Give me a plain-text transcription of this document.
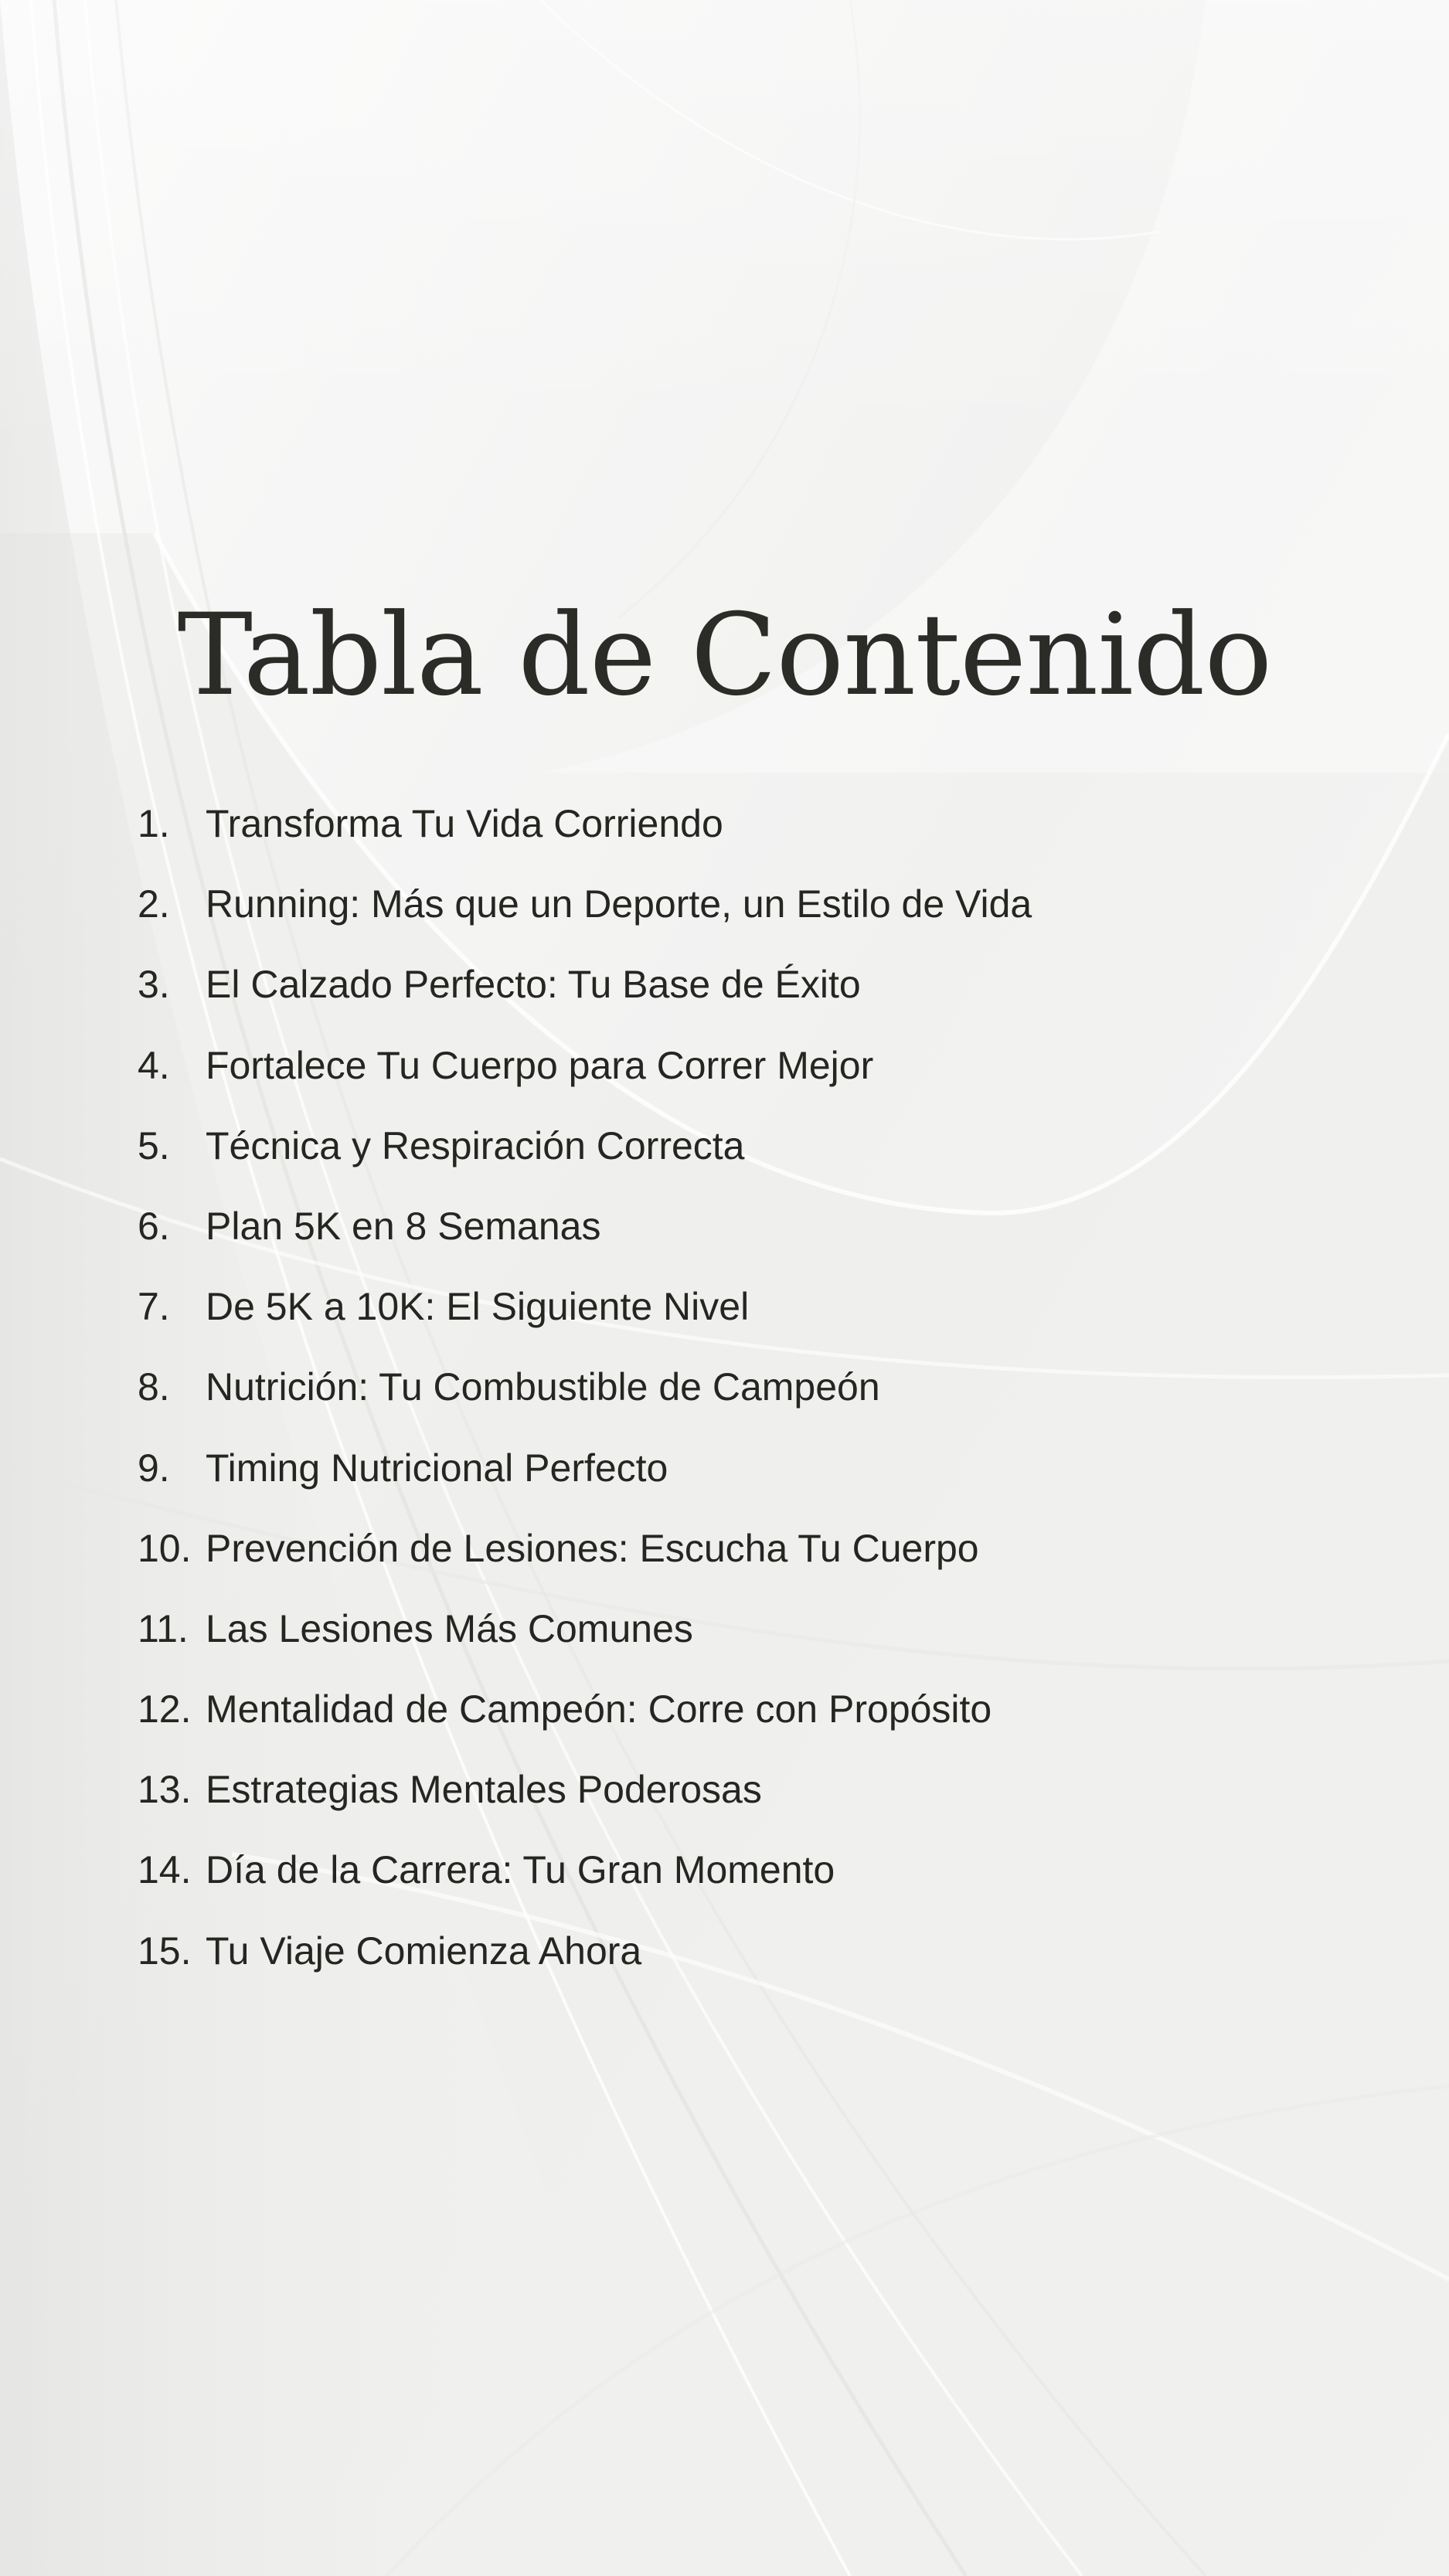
Tabla de Contenido
1. Transforma Tu Vida Corriendo
2. Running: Más que un Deporte, un Estilo de Vida
3. El Calzado Perfecto: Tu Base de Éxito
4. Fortalece Tu Cuerpo para Correr Mejor
5. Técnica y Respiración Correcta
6. Plan 5K en 8 Semanas
7. De 5K a 10K: El Siguiente Nivel
8. Nutrición: Tu Combustible de Campeón
9. Timing Nutricional Perfecto
10. Prevención de Lesiones: Escucha Tu Cuerpo
11. Las Lesiones Más Comunes
12. Mentalidad de Campeón: Corre con Propósito
13. Estrategias Mentales Poderosas
14. Día de la Carrera: Tu Gran Momento
15. Tu Viaje Comienza Ahora
